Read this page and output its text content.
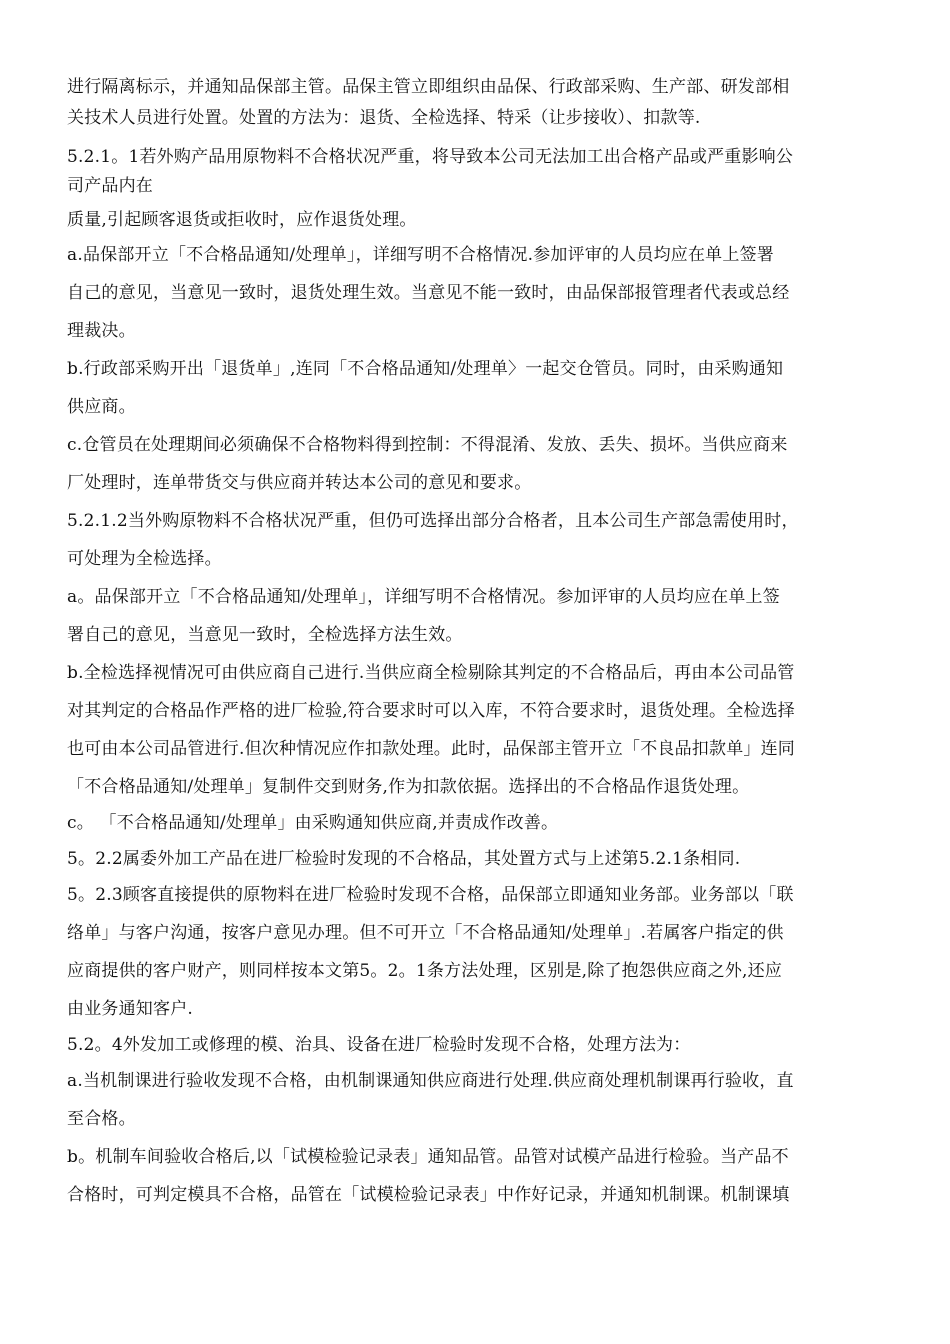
进行隔离标示，并通知品保部主管。品保主管立即组织由品保、行政部采购、生产部、研发部相
关技术人员进行处置。处置的方法为：退货、全检选择、特采（让步接收）、扣款等.
5.2.1。1若外购产品用原物料不合格状况严重，将导致本公司无法加工出合格产品或严重影响公
司产品内在
质量,引起顾客退货或拒收时，应作退货处理。
a.品保部开立「不合格品通知/处理单」，详细写明不合格情况.参加评审的人员均应在单上签署
自己的意见，当意见一致时，退货处理生效。当意见不能一致时，由品保部报管理者代表或总经
理裁决。
b.行政部采购开出「退货单」,连同「不合格品通知/处理单〉一起交仓管员。同时，由采购通知
供应商。
c.仓管员在处理期间必须确保不合格物料得到控制：不得混淆、发放、丢失、损坏。当供应商来
厂处理时，连单带货交与供应商并转达本公司的意见和要求。
5.2.1.2当外购原物料不合格状况严重，但仍可选择出部分合格者，且本公司生产部急需使用时，
可处理为全检选择。
a。品保部开立「不合格品通知/处理单」，详细写明不合格情况。参加评审的人员均应在单上签
署自己的意见，当意见一致时，全检选择方法生效。
b.全检选择视情况可由供应商自己进行.当供应商全检剔除其判定的不合格品后，再由本公司品管
对其判定的合格品作严格的进厂检验,符合要求时可以入库，不符合要求时，退货处理。全检选择
也可由本公司品管进行.但次种情况应作扣款处理。此时，品保部主管开立「不良品扣款单」连同
「不合格品通知/处理单」复制件交到财务,作为扣款依据。选择出的不合格品作退货处理。
c。 「不合格品通知/处理单」由采购通知供应商,并责成作改善。
5。2.2属委外加工产品在进厂检验时发现的不合格品，其处置方式与上述第5.2.1条相同.
5。2.3顾客直接提供的原物料在进厂检验时发现不合格，品保部立即通知业务部。业务部以「联
络单」与客户沟通，按客户意见办理。但不可开立「不合格品通知/处理单」.若属客户指定的供
应商提供的客户财产，则同样按本文第5。2。1条方法处理，区别是,除了抱怨供应商之外,还应
由业务通知客户.
5.2。4外发加工或修理的模、治具、设备在进厂检验时发现不合格，处理方法为：
a.当机制课进行验收发现不合格，由机制课通知供应商进行处理.供应商处理机制课再行验收，直
至合格。
b。机制车间验收合格后,以「试模检验记录表」通知品管。品管对试模产品进行检验。当产品不
合格时，可判定模具不合格，品管在「试模检验记录表」中作好记录，并通知机制课。机制课填
